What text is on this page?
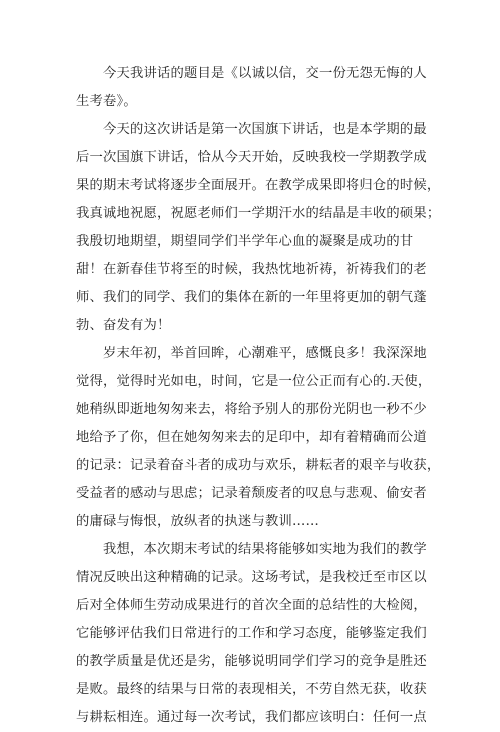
今天我讲话的题目是《以诚以信，交一份无怨无悔的人
生考卷》。
今天的这次讲话是第一次国旗下讲话，也是本学期的最
后一次国旗下讲话，恰从今天开始，反映我校一学期教学成
果的期末考试将逐步全面展开。在教学成果即将归仓的时候，
我真诚地祝愿，祝愿老师们一学期汗水的结晶是丰收的硕果；
我殷切地期望，期望同学们半学年心血的凝聚是成功的甘
甜！在新春佳节将至的时候，我热忱地祈祷，祈祷我们的老
师、我们的同学、我们的集体在新的一年里将更加的朝气蓬
勃、奋发有为！
岁末年初，举首回眸，心潮难平，感慨良多！我深深地
觉得，觉得时光如电，时间，它是一位公正而有心的.天使，
她稍纵即逝地匆匆来去，将给予别人的那份光阴也一秒不少
地给予了你，但在她匆匆来去的足印中，却有着精确而公道
的记录：记录着奋斗者的成功与欢乐，耕耘者的艰辛与收获，
受益者的感动与思虑；记录着颓废者的叹息与悲观、偷安者
的庸碌与悔恨，放纵者的执迷与教训……
我想，本次期末考试的结果将能够如实地为我们的教学
情况反映出这种精确的记录。这场考试，是我校迁至市区以
后对全体师生劳动成果进行的首次全面的总结性的大检阅，
它能够评估我们日常进行的工作和学习态度，能够鉴定我们
的教学质量是优还是劣，能够说明同学们学习的竞争是胜还
是败。最终的结果与日常的表现相关，不劳自然无获，收获
与耕耘相连。通过每一次考试，我们都应该明白：任何一点
